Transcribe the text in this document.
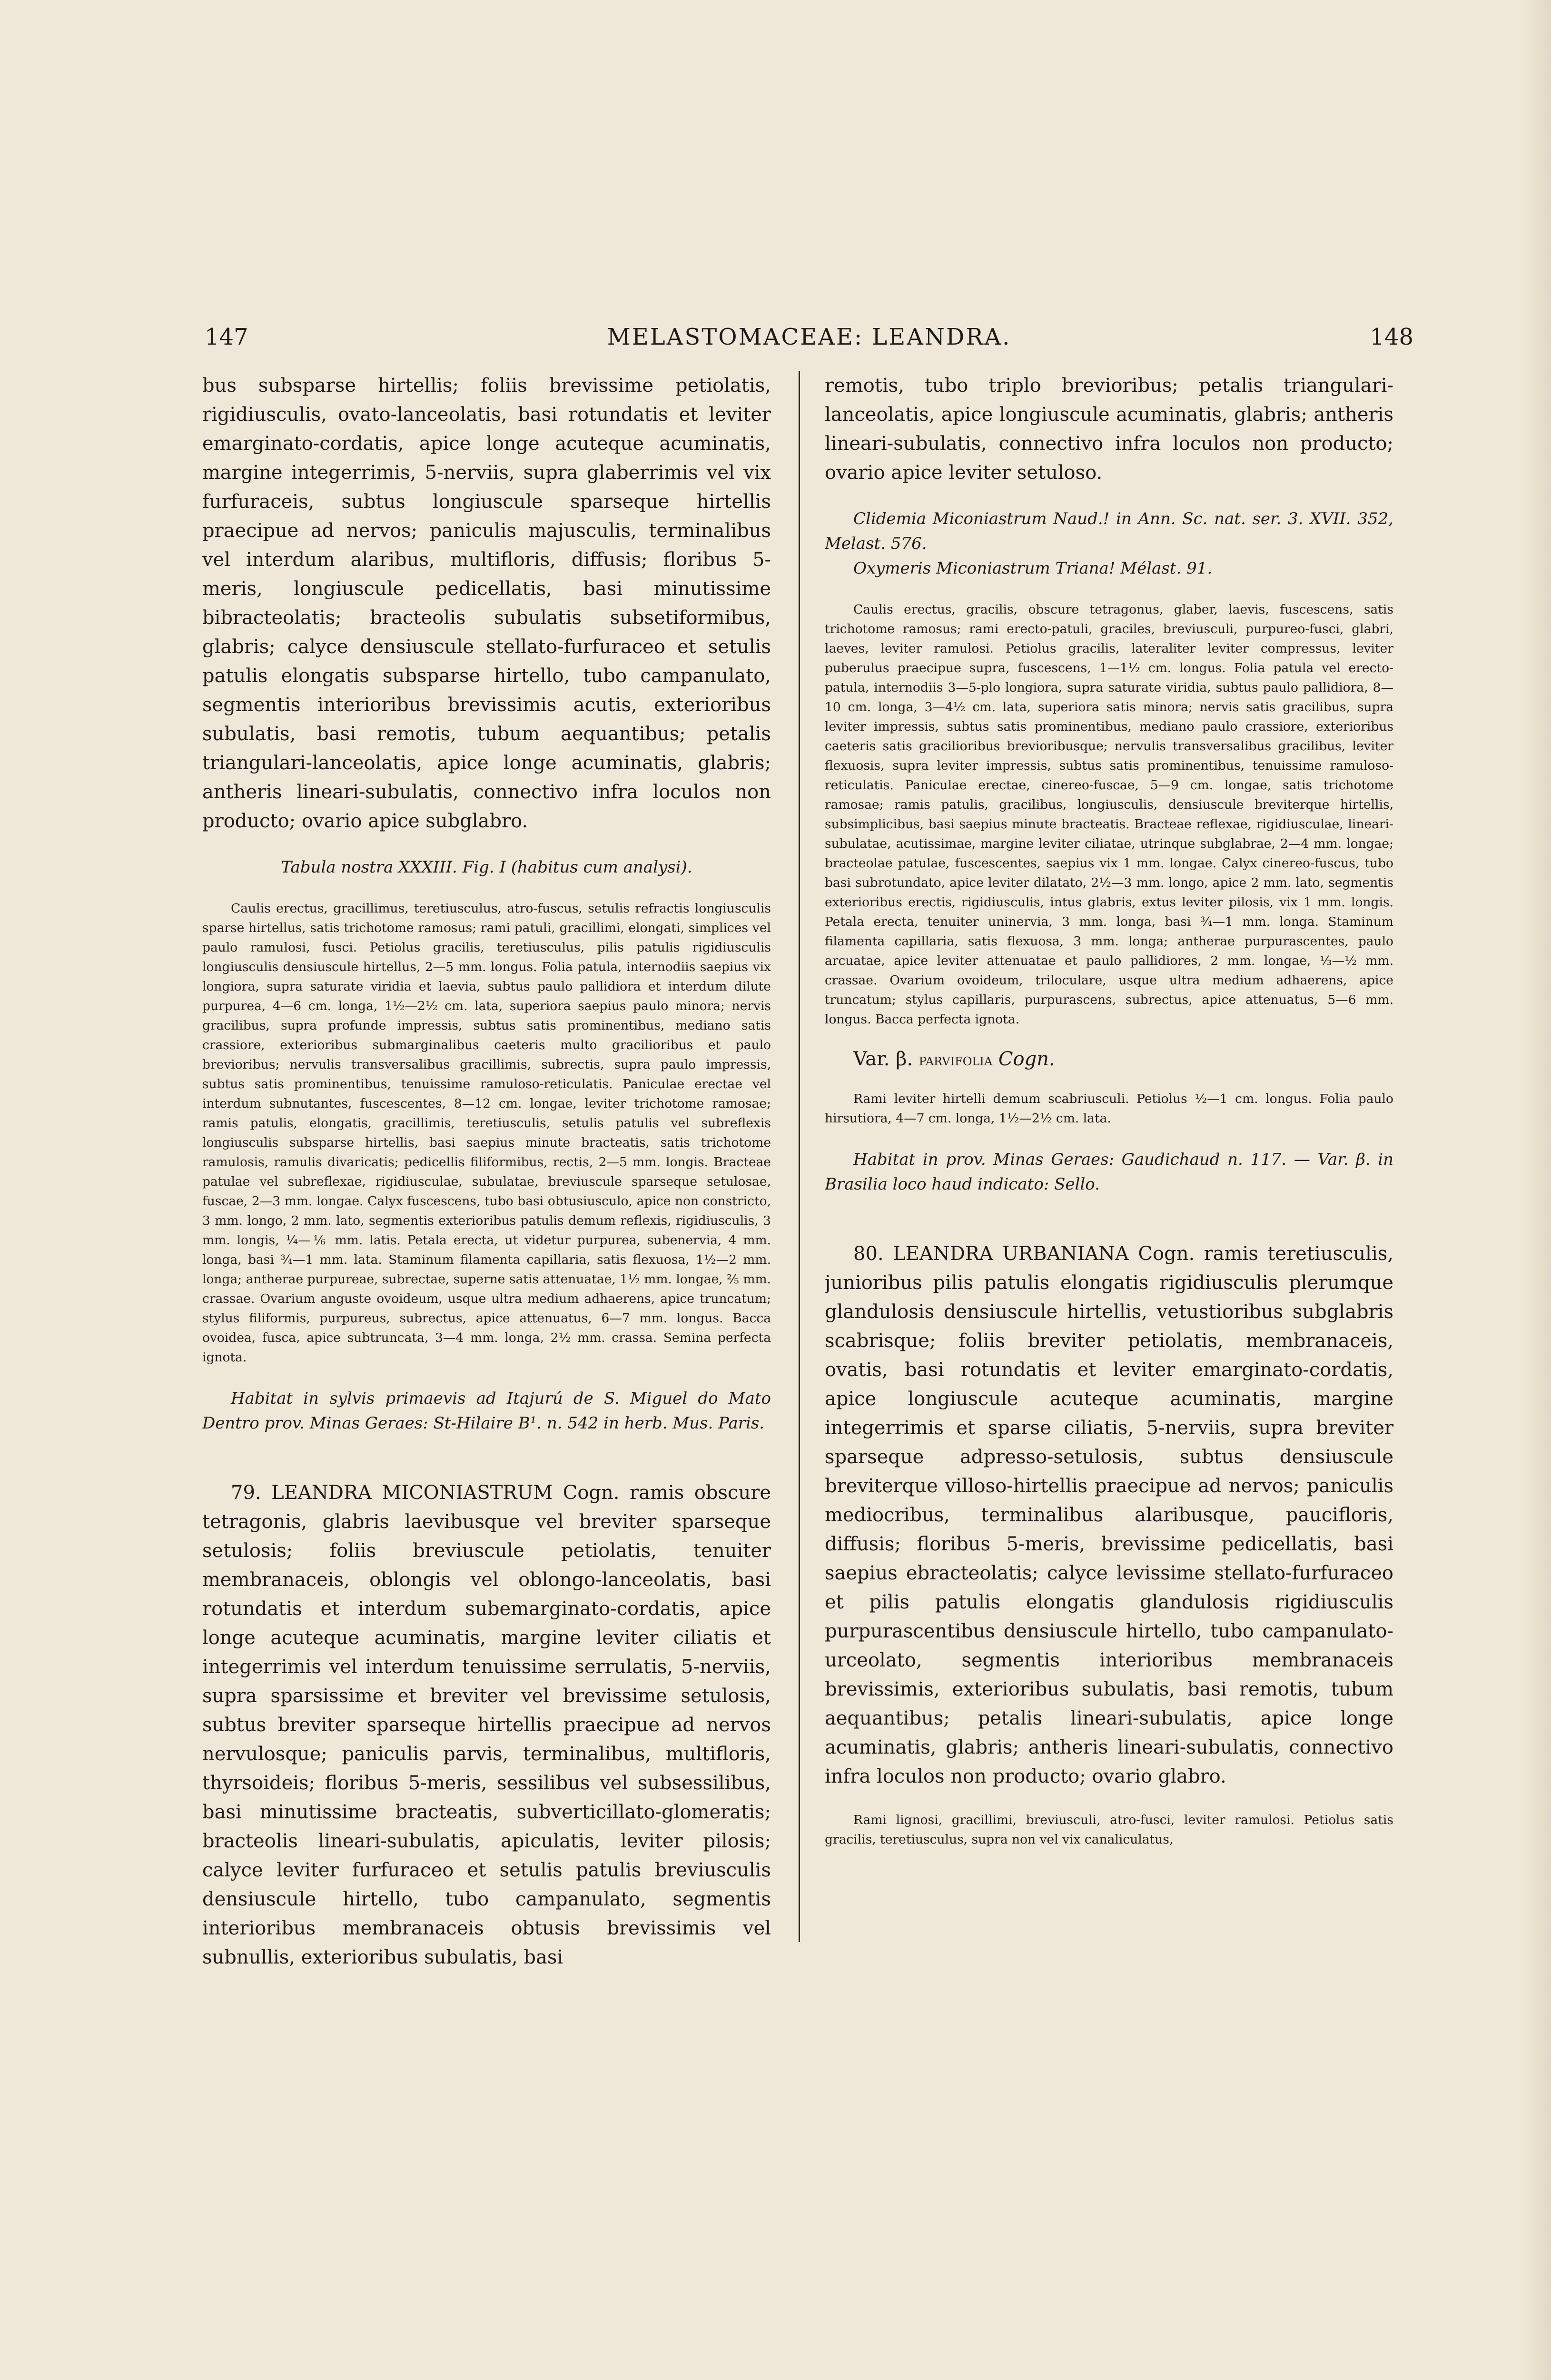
147	MELASTOMACEAE: LEANDRA.	148

bus subsparse hirtellis; foliis brevissime petiolatis, rigidiusculis, ovato-lanceolatis, basi rotundatis et leviter emarginato-cordatis, apice longe acuteque acuminatis, margine integerrimis, 5-nerviis, supra glaberrimis vel vix furfuraceis, subtus longiuscule sparseque hirtellis praecipue ad nervos; paniculis majusculis, terminalibus vel interdum alaribus, multifloris, diffusis; floribus 5-meris, longiuscule pedicellatis, basi minutissime bibracteolatis; bracteolis subulatis subsetiformibus, glabris; calyce densiuscule stellato-furfuraceo et setulis patulis elongatis subsparse hirtello, tubo campanulato, segmentis interioribus brevissimis acutis, exterioribus subulatis, basi remotis, tubum aequantibus; petalis triangulari-lanceolatis, apice longe acuminatis, glabris; antheris lineari-subulatis, connectivo infra loculos non producto; ovario apice subglabro.

Tabula nostra XXXIII. Fig. I (habitus cum analysi).

Caulis erectus, gracillimus, teretiusculus, atro-fuscus, setulis refractis longiusculis sparse hirtellus, satis trichotome ramosus; rami patuli, gracillimi, elongati, simplices vel paulo ramulosi, fusci. Petiolus gracilis, teretiusculus, pilis patulis rigidiusculis longiusculis densiuscule hirtellus, 2—5 mm. longus. Folia patula, internodiis saepius vix longiora, supra saturate viridia et laevia, subtus paulo pallidiora et interdum dilute purpurea, 4—6 cm. longa, 1½—2½ cm. lata, superiora saepius paulo minora; nervis gracilibus, supra profunde impressis, subtus satis prominentibus, mediano satis crassiore, exterioribus submarginalibus caeteris multo gracilioribus et paulo brevioribus; nervulis transversalibus gracillimis, subrectis, supra paulo impressis, subtus satis prominentibus, tenuissime ramuloso-reticulatis. Paniculae erectae vel interdum subnutantes, fuscescentes, 8—12 cm. longae, leviter trichotome ramosae; ramis patulis, elongatis, gracillimis, teretiusculis, setulis patulis vel subreflexis longiusculis subsparse hirtellis, basi saepius minute bracteatis, satis trichotome ramulosis, ramulis divaricatis; pedicellis filiformibus, rectis, 2—5 mm. longis. Bracteae patulae vel subreflexae, rigidiusculae, subulatae, breviuscule sparseque setulosae, fuscae, 2—3 mm. longae. Calyx fuscescens, tubo basi obtusiusculo, apice non constricto, 3 mm. longo, 2 mm. lato, segmentis exterioribus patulis demum reflexis, rigidiusculis, 3 mm. longis, ¼—⅙ mm. latis. Petala erecta, ut videtur purpurea, subenervia, 4 mm. longa, basi ¾—1 mm. lata. Staminum filamenta capillaria, satis flexuosa, 1½—2 mm. longa; antherae purpureae, subrectae, superne satis attenuatae, 1½ mm. longae, ⅖ mm. crassae. Ovarium anguste ovoideum, usque ultra medium adhaerens, apice truncatum; stylus filiformis, purpureus, subrectus, apice attenuatus, 6—7 mm. longus. Bacca ovoidea, fusca, apice subtruncata, 3—4 mm. longa, 2½ mm. crassa. Semina perfecta ignota.

Habitat in sylvis primaevis ad Itajurú de S. Miguel do Mato Dentro prov. Minas Geraes: St-Hilaire B¹. n. 542 in herb. Mus. Paris.

79. LEANDRA MICONIASTRUM Cogn. ramis obscure tetragonis, glabris laevibusque vel breviter sparseque setulosis; foliis breviuscule petiolatis, tenuiter membranaceis, oblongis vel oblongo-lanceolatis, basi rotundatis et interdum subemarginato-cordatis, apice longe acuteque acuminatis, margine leviter ciliatis et integerrimis vel interdum tenuissime serrulatis, 5-nerviis, supra sparsissime et breviter vel brevissime setulosis, subtus breviter sparseque hirtellis praecipue ad nervos nervulosque; paniculis parvis, terminalibus, multifloris, thyrsoideis; floribus 5-meris, sessilibus vel subsessilibus, basi minutissime bracteatis, subverticillato-glomeratis; bracteolis lineari-subulatis, apiculatis, leviter pilosis; calyce leviter furfuraceo et setulis patulis breviusculis densiuscule hirtello, tubo campanulato, segmentis interioribus membranaceis obtusis brevissimis vel subnullis, exterioribus subulatis, basi

remotis, tubo triplo brevioribus; petalis triangulari-lanceolatis, apice longiuscule acuminatis, glabris; antheris lineari-subulatis, connectivo infra loculos non producto; ovario apice leviter setuloso.

Clidemia Miconiastrum Naud.! in Ann. Sc. nat. ser. 3. XVII. 352, Melast. 576.

Oxymeris Miconiastrum Triana! Mélast. 91.

Caulis erectus, gracilis, obscure tetragonus, glaber, laevis, fuscescens, satis trichotome ramosus; rami erecto-patuli, graciles, breviusculi, purpureo-fusci, glabri, laeves, leviter ramulosi. Petiolus gracilis, lateraliter leviter compressus, leviter puberulus praecipue supra, fuscescens, 1—1½ cm. longus. Folia patula vel erecto-patula, internodiis 3—5-plo longiora, supra saturate viridia, subtus paulo pallidiora, 8—10 cm. longa, 3—4½ cm. lata, superiora satis minora; nervis satis gracilibus, supra leviter impressis, subtus satis prominentibus, mediano paulo crassiore, exterioribus caeteris satis gracilioribus brevioribusque; nervulis transversalibus gracilibus, leviter flexuosis, supra leviter impressis, subtus satis prominentibus, tenuissime ramuloso-reticulatis. Paniculae erectae, cinereo-fuscae, 5—9 cm. longae, satis trichotome ramosae; ramis patulis, gracilibus, longiusculis, densiuscule breviterque hirtellis, subsimplicibus, basi saepius minute bracteatis. Bracteae reflexae, rigidiusculae, lineari-subulatae, acutissimae, margine leviter ciliatae, utrinque subglabrae, 2—4 mm. longae; bracteolae patulae, fuscescentes, saepius vix 1 mm. longae. Calyx cinereo-fuscus, tubo basi subrotundato, apice leviter dilatato, 2½—3 mm. longo, apice 2 mm. lato, segmentis exterioribus erectis, rigidiusculis, intus glabris, extus leviter pilosis, vix 1 mm. longis. Petala erecta, tenuiter uninervia, 3 mm. longa, basi ¾—1 mm. longa. Staminum filamenta capillaria, satis flexuosa, 3 mm. longa; antherae purpurascentes, paulo arcuatae, apice leviter attenuatae et paulo pallidiores, 2 mm. longae, ⅓—½ mm. crassae. Ovarium ovoideum, triloculare, usque ultra medium adhaerens, apice truncatum; stylus capillaris, purpurascens, subrectus, apice attenuatus, 5—6 mm. longus. Bacca perfecta ignota.

Var. β. parvifolia Cogn.

Rami leviter hirtelli demum scabriusculi. Petiolus ½—1 cm. longus. Folia paulo hirsutiora, 4—7 cm. longa, 1½—2½ cm. lata.

Habitat in prov. Minas Geraes: Gaudichaud n. 117. — Var. β. in Brasilia loco haud indicato: Sello.

80. LEANDRA URBANIANA Cogn. ramis teretiusculis, junioribus pilis patulis elongatis rigidiusculis plerumque glandulosis densiuscule hirtellis, vetustioribus subglabris scabrisque; foliis breviter petiolatis, membranaceis, ovatis, basi rotundatis et leviter emarginato-cordatis, apice longiuscule acuteque acuminatis, margine integerrimis et sparse ciliatis, 5-nerviis, supra breviter sparseque adpresso-setulosis, subtus densiuscule breviterque villoso-hirtellis praecipue ad nervos; paniculis mediocribus, terminalibus alaribusque, paucifloris, diffusis; floribus 5-meris, brevissime pedicellatis, basi saepius ebracteolatis; calyce levissime stellato-furfuraceo et pilis patulis elongatis glandulosis rigidiusculis purpurascentibus densiuscule hirtello, tubo campanulato-urceolato, segmentis interioribus membranaceis brevissimis, exterioribus subulatis, basi remotis, tubum aequantibus; petalis lineari-subulatis, apice longe acuminatis, glabris; antheris lineari-subulatis, connectivo infra loculos non producto; ovario glabro.

Rami lignosi, gracillimi, breviusculi, atro-fusci, leviter ramulosi. Petiolus satis gracilis, teretiusculus, supra non vel vix canaliculatus,
